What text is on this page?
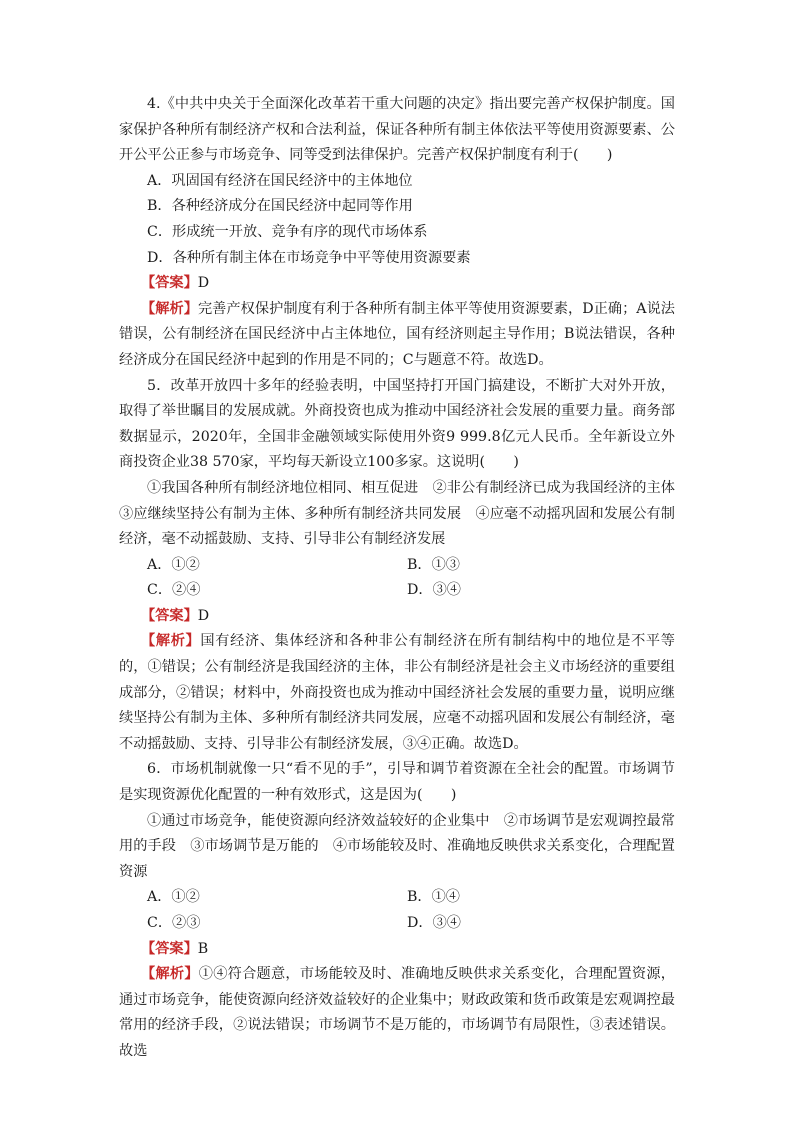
4.《中共中央关于全面深化改革若干重大问题的决定》指出要完善产权保护制度。国家保护各种所有制经济产权和合法利益，保证各种所有制主体依法平等使用资源要素、公开公平公正参与市场竞争、同等受到法律保护。完善产权保护制度有利于(　　)

A．巩固国有经济在国民经济中的主体地位

B．各种经济成分在国民经济中起同等作用

C．形成统一开放、竞争有序的现代市场体系

D．各种所有制主体在市场竞争中平等使用资源要素

【答案】D

【解析】完善产权保护制度有利于各种所有制主体平等使用资源要素，D正确；A说法错误，公有制经济在国民经济中占主体地位，国有经济则起主导作用；B说法错误，各种经济成分在国民经济中起到的作用是不同的；C与题意不符。故选D。

5．改革开放四十多年的经验表明，中国坚持打开国门搞建设，不断扩大对外开放，取得了举世瞩目的发展成就。外商投资也成为推动中国经济社会发展的重要力量。商务部数据显示，2020年，全国非金融领域实际使用外资9 999.8亿元人民币。全年新设立外商投资企业38 570家，平均每天新设立100多家。这说明(　　)

①我国各种所有制经济地位相同、相互促进　②非公有制经济已成为我国经济的主体　③应继续坚持公有制为主体、多种所有制经济共同发展　④应毫不动摇巩固和发展公有制经济，毫不动摇鼓励、支持、引导非公有制经济发展

A．①②	B．①③
C．②④	D．③④

【答案】D

【解析】国有经济、集体经济和各种非公有制经济在所有制结构中的地位是不平等的，①错误；公有制经济是我国经济的主体，非公有制经济是社会主义市场经济的重要组成部分，②错误；材料中，外商投资也成为推动中国经济社会发展的重要力量，说明应继续坚持公有制为主体、多种所有制经济共同发展，应毫不动摇巩固和发展公有制经济，毫不动摇鼓励、支持、引导非公有制经济发展，③④正确。故选D。

6．市场机制就像一只“看不见的手”，引导和调节着资源在全社会的配置。市场调节是实现资源优化配置的一种有效形式，这是因为(　　)

①通过市场竞争，能使资源向经济效益较好的企业集中　②市场调节是宏观调控最常用的手段　③市场调节是万能的　④市场能较及时、准确地反映供求关系变化，合理配置资源

A．①②	B．①④
C．②③	D．③④

【答案】B

【解析】①④符合题意，市场能较及时、准确地反映供求关系变化，合理配置资源，通过市场竞争，能使资源向经济效益较好的企业集中；财政政策和货币政策是宏观调控最常用的经济手段，②说法错误；市场调节不是万能的，市场调节有局限性，③表述错误。故选
